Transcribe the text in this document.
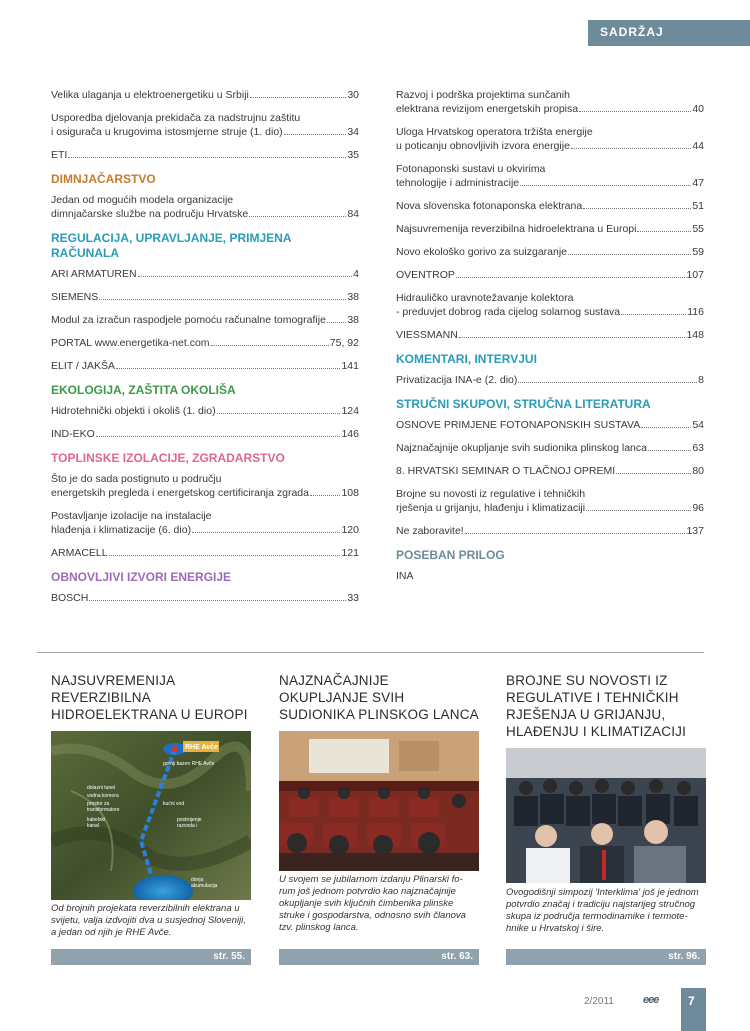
SADRŽAJ
Velika ulaganja u elektroenergetiku u Srbiji	30
Usporedba djelovanja prekidača za nadstrujnu zaštitu
i osigurača u krugovima istosmjerne struje (1. dio)	34
ETI	35
DIMNJAČARSTVO
Jedan od mogućih modela organizacije
dimnjačarske službe na području Hrvatske	84
REGULACIJA, UPRAVLJANJE, PRIMJENA RAČUNALA
ARI ARMATUREN	4
SIEMENS	38
Modul za izračun raspodjele pomoću računalne tomografije 38
PORTAL www.energetika-net.com	75, 92
ELIT / JAKŠA	141
EKOLOGIJA, ZAŠTITA OKOLIŠA
Hidrotehnički objekti i okoliš (1. dio)	124
IND-EKO	146
TOPLINSKE IZOLACIJE, ZGRADARSTVO
Što je do sada postignuto u području
energetskih pregleda i energetskog certificiranja zgrada	108
Postavljanje izolacije na instalacije
hlađenja i klimatizacije (6. dio)	120
ARMACELL	121
OBNOVLJIVI IZVORI ENERGIJE
BOSCH	33
Razvoj i podrška projektima sunčanih
elektrana revizijom energetskih propisa	40
Uloga Hrvatskog operatora tržišta energije
u poticanju obnovljivih izvora energije	44
Fotonaponski sustavi u okvirima
tehnologije i administracije	47
Nova slovenska fotonaponska elektrana	51
Najsuvremenija reverzibilna hidroelektrana u Europi	55
Novo ekološko gorivo za suizgaranje	59
OVENTROP	107
Hidrauličko uravnotežavanje kolektora
- preduvjet dobrog rada cijelog solarnog sustava	116
VIESSMANN	148
KOMENTARI, INTERVJUI
Privatizacija INA-e (2. dio)	8
STRUČNI SKUPOVI, STRUČNA LITERATURA
OSNOVE PRIMJENE FOTONAPONSKIH SUSTAVA	54
Najznačajnije okupljanje svih sudionika plinskog lanca	63
8. HRVATSKI SEMINAR O TLAČNOJ OPREMI	80
Brojne su novosti iz regulative i tehničkih
rješenja u grijanju, hlađenju i klimatizaciji	96
Ne zaboravite!	137
POSEBAN PRILOG
INA
NAJSUVREMENIJA
REVERZIBILNA
HIDROELEKTRANA U EUROPI
RHE Avče
gornji bazen RHE Avče
dolazni tunel
vodna komora
prostor za
transformatore
kabelski
kanal
postrojenje
razvoda i
kućni vod
donja
akumulacija
Od brojnih projekata reverzibilnih elektrana u
svijetu, valja izdvojiti dva u susjednoj Sloveniji,
a jedan od njih je RHE Avče.
str. 55.
NAJZNAČAJNIJE
OKUPLJANJE SVIH
SUDIONIKA PLINSKOG LANCA
U svojem se jubilarnom izdanju Plinarski fo-
rum još jednom potvrdio kao najznačajnije
okupljanje svih ključnih čimbenika plinske
struke i gospodarstva, odnosno svih članova
tzv. plinskog lanca.
str. 63.
BROJNE SU NOVOSTI IZ
REGULATIVE I TEHNIČKIH
RJEŠENJA U GRIJANJU,
HLAĐENJU I KLIMATIZACIJI
Ovogodišnji simpozij 'Interklima' još je jednom
potvrdio značaj i tradiciju najstarijeg stručnog
skupa iz područja termodinamike i termote-
hnike u Hrvatskoj i šire.
str. 96.
2/2011	eee 7
